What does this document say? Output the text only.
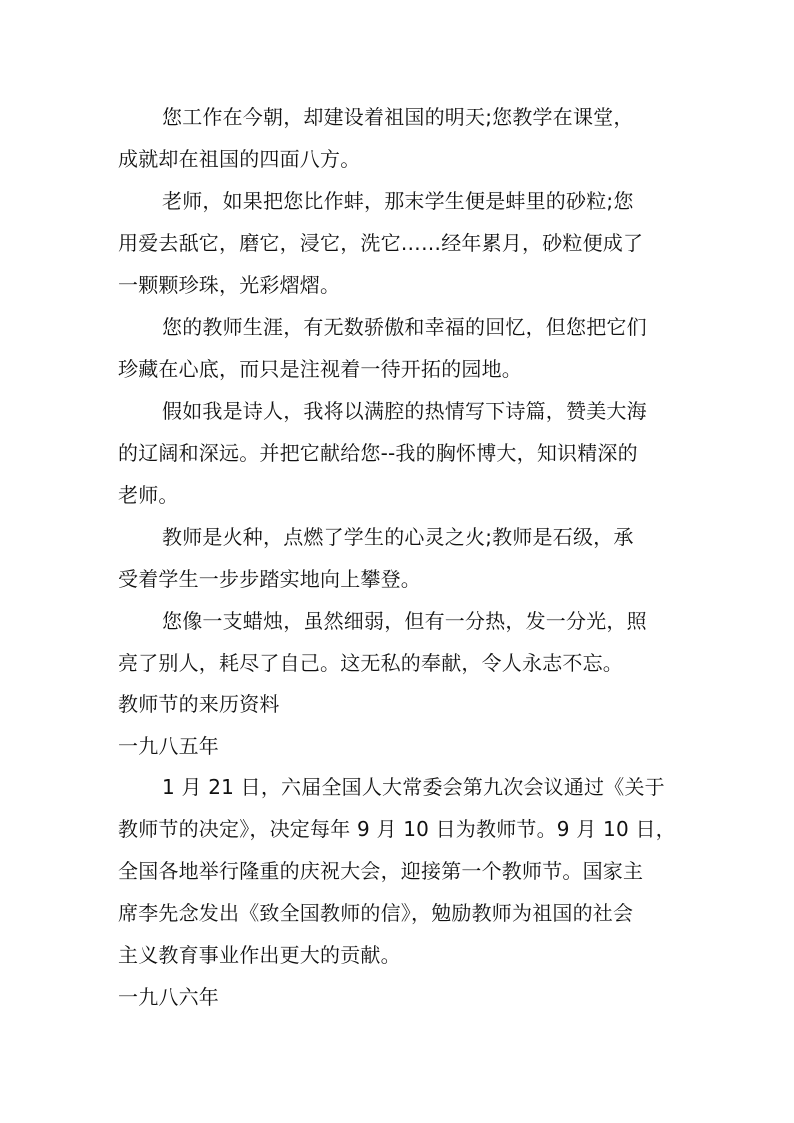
您工作在今朝，却建设着祖国的明天;您教学在课堂，
成就却在祖国的四面八方。
老师，如果把您比作蚌，那末学生便是蚌里的砂粒;您
用爱去舐它，磨它，浸它，洗它……经年累月，砂粒便成了
一颗颗珍珠，光彩熠熠。
您的教师生涯，有无数骄傲和幸福的回忆，但您把它们
珍藏在心底，而只是注视着一待开拓的园地。
假如我是诗人，我将以满腔的热情写下诗篇，赞美大海
的辽阔和深远。并把它献给您--我的胸怀博大，知识精深的
老师。
教师是火种，点燃了学生的心灵之火;教师是石级，承
受着学生一步步踏实地向上攀登。
您像一支蜡烛，虽然细弱，但有一分热，发一分光，照
亮了别人，耗尽了自己。这无私的奉献，令人永志不忘。
教师节的来历资料
一九八五年
1 月 21 日，六届全国人大常委会第九次会议通过《关于
教师节的决定》，决定每年 9 月 10 日为教师节。9 月 10 日，
全国各地举行隆重的庆祝大会，迎接第一个教师节。国家主
席李先念发出《致全国教师的信》，勉励教师为祖国的社会
主义教育事业作出更大的贡献。
一九八六年
